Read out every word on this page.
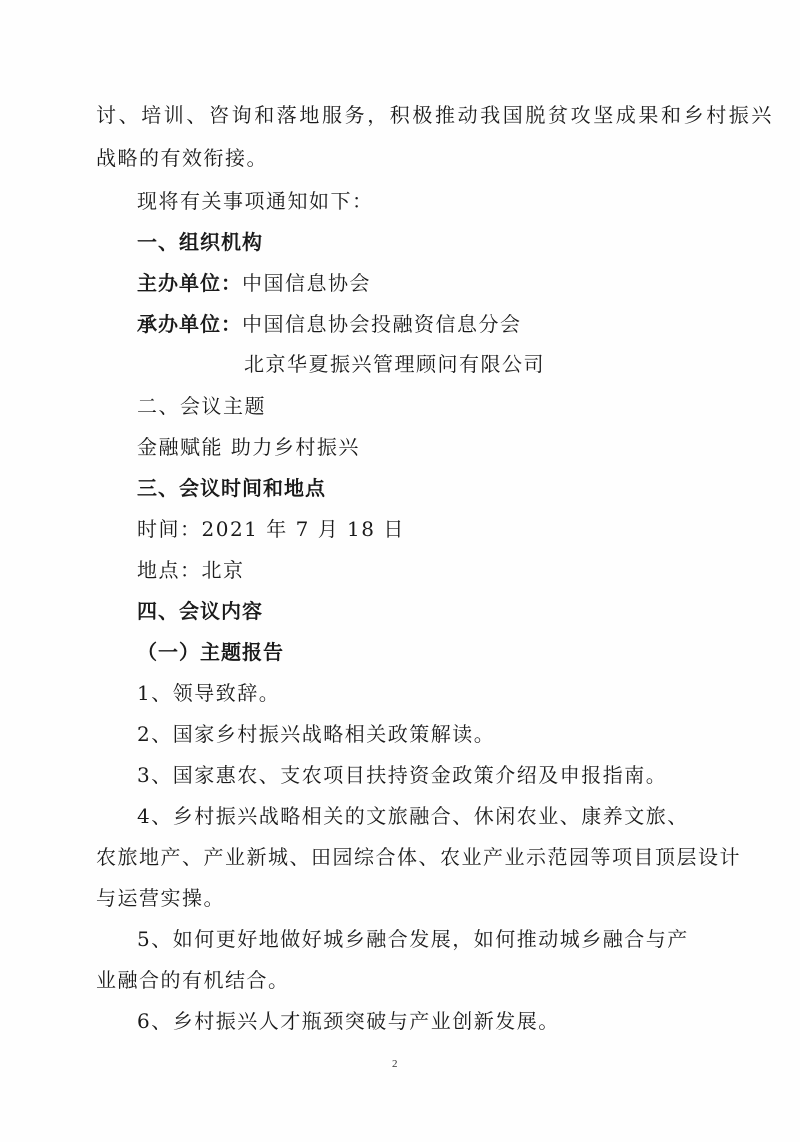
讨、培训、咨询和落地服务，积极推动我国脱贫攻坚成果和乡村振兴
战略的有效衔接。
现将有关事项通知如下：
一、组织机构
主办单位：中国信息协会
承办单位：中国信息协会投融资信息分会
北京华夏振兴管理顾问有限公司
二、会议主题
金融赋能 助力乡村振兴
三、会议时间和地点
时间：2021 年 7 月 18 日
地点：北京
四、会议内容
（一）主题报告
1、领导致辞。
2、国家乡村振兴战略相关政策解读。
3、国家惠农、支农项目扶持资金政策介绍及申报指南。
4、乡村振兴战略相关的文旅融合、休闲农业、康养文旅、
农旅地产、产业新城、田园综合体、农业产业示范园等项目顶层设计
与运营实操。
5、如何更好地做好城乡融合发展，如何推动城乡融合与产
业融合的有机结合。
6、乡村振兴人才瓶颈突破与产业创新发展。
2
